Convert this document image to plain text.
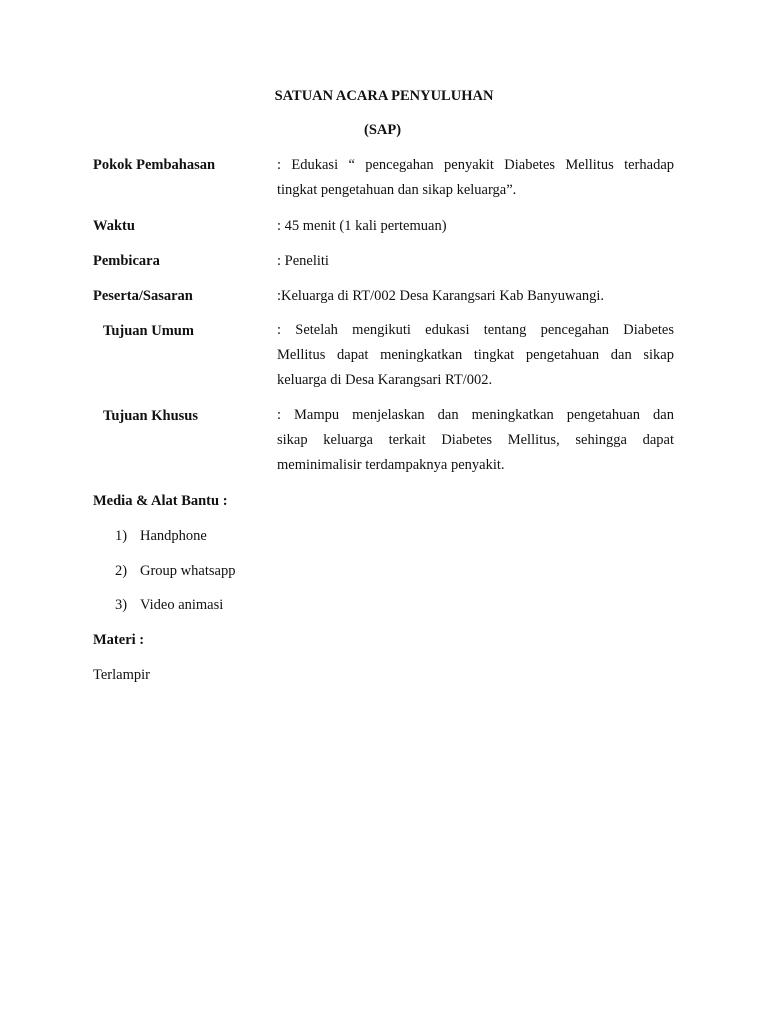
SATUAN ACARA PENYULUHAN
(SAP)
Pokok Pembahasan	: Edukasi “ pencegahan penyakit Diabetes Mellitus terhadap
tingkat pengetahuan dan sikap keluarga”.
Waktu	: 45 menit (1 kali pertemuan)
Pembicara	: Peneliti
Peserta/Sasaran	:Keluarga di RT/002 Desa Karangsari Kab Banyuwangi.
Tujuan Umum	: Setelah mengikuti edukasi tentang pencegahan Diabetes
Mellitus dapat meningkatkan tingkat pengetahuan dan sikap
keluarga di Desa Karangsari RT/002.
Tujuan Khusus	: Mampu menjelaskan dan meningkatkan pengetahuan dan
sikap keluarga terkait Diabetes Mellitus, sehingga dapat
meminimalisir terdampaknya penyakit.
Media & Alat Bantu :
1) Handphone
2) Group whatsapp
3) Video animasi
Materi :
Terlampir
